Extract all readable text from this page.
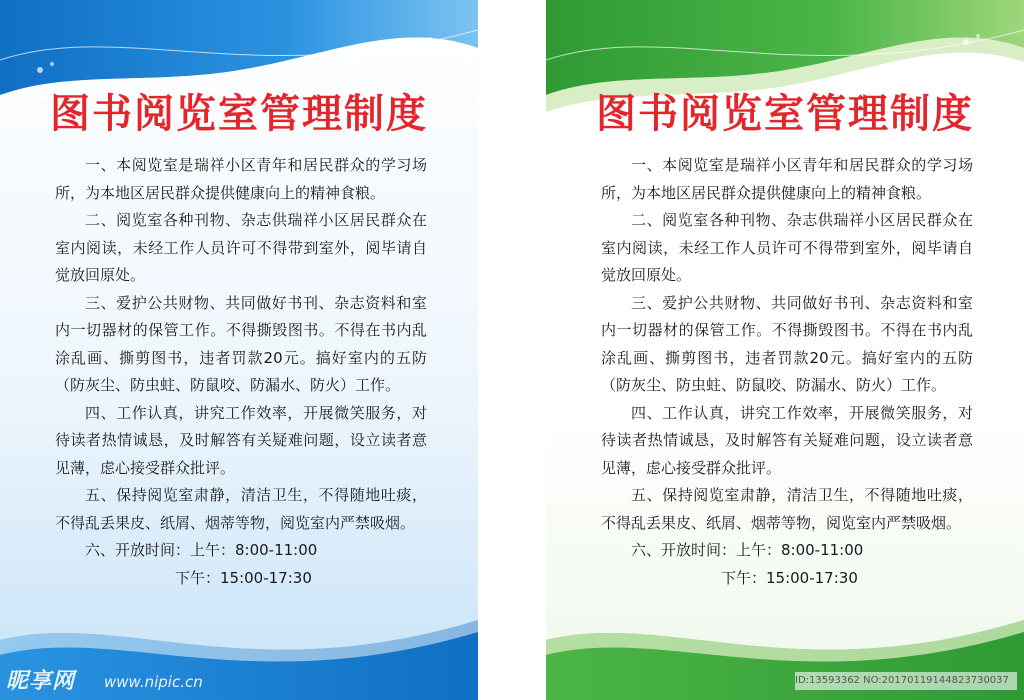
图书阅览室管理制度

一、本阅览室是瑞祥小区青年和居民群众的学习场所，为本地区居民群众提供健康向上的精神食粮。

二、阅览室各种刊物、杂志供瑞祥小区居民群众在室内阅读，未经工作人员许可不得带到室外，阅毕请自觉放回原处。

三、爱护公共财物、共同做好书刊、杂志资料和室内一切器材的保管工作。不得撕毁图书。不得在书内乱涂乱画、撕剪图书，违者罚款20元。搞好室内的五防（防灰尘、防虫蛀、防鼠咬、防漏水、防火）工作。

四、工作认真，讲究工作效率，开展微笑服务，对待读者热情诚恳，及时解答有关疑难问题，设立读者意见薄，虑心接受群众批评。

五、保持阅览室肃静，清洁卫生，不得随地吐痰，不得乱丢果皮、纸屑、烟蒂等物，阅览室内严禁吸烟。

六、开放时间：上午：8:00-11:00

下午：15:00-17:30

图书阅览室管理制度

一、本阅览室是瑞祥小区青年和居民群众的学习场所，为本地区居民群众提供健康向上的精神食粮。

二、阅览室各种刊物、杂志供瑞祥小区居民群众在室内阅读，未经工作人员许可不得带到室外，阅毕请自觉放回原处。

三、爱护公共财物、共同做好书刊、杂志资料和室内一切器材的保管工作。不得撕毁图书。不得在书内乱涂乱画、撕剪图书，违者罚款20元。搞好室内的五防（防灰尘、防虫蛀、防鼠咬、防漏水、防火）工作。

四、工作认真，讲究工作效率，开展微笑服务，对待读者热情诚恳，及时解答有关疑难问题，设立读者意见薄，虑心接受群众批评。

五、保持阅览室肃静，清洁卫生，不得随地吐痰，不得乱丢果皮、纸屑、烟蒂等物，阅览室内严禁吸烟。

六、开放时间：上午：8:00-11:00

下午：15:00-17:30

昵享网 www.nipic.cn	ID:13593362 NO:20170119144823730037
